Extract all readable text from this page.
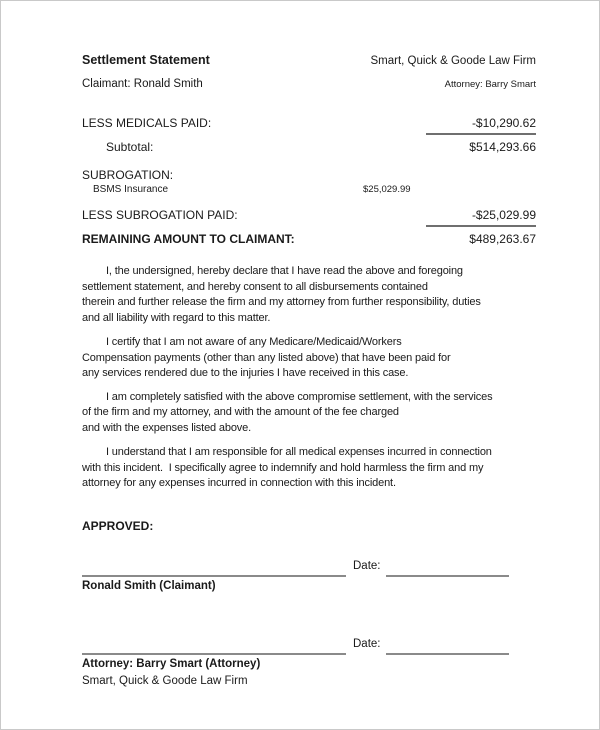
Settlement Statement	Smart, Quick & Goode Law Firm
Claimant: Ronald Smith	Attorney: Barry Smart
LESS MEDICALS PAID:	-$10,290.62
Subtotal:	$514,293.66
SUBROGATION:
BSMS Insurance	$25,029.99
LESS SUBROGATION PAID:	-$25,029.99
REMAINING AMOUNT TO CLAIMANT:	$489,263.67
I, the undersigned, hereby declare that I have read the above and foregoing
settlement statement, and hereby consent to all disbursements contained
therein and further release the firm and my attorney from further responsibility, duties
and all liability with regard to this matter.
I certify that I am not aware of any Medicare/Medicaid/Workers
Compensation payments (other than any listed above) that have been paid for
any services rendered due to the injuries I have received in this case.
I am completely satisfied with the above compromise settlement, with the services
of the firm and my attorney, and with the amount of the fee charged
and with the expenses listed above.
I understand that I am responsible for all medical expenses incurred in connection
with this incident.  I specifically agree to indemnify and hold harmless the firm and my
attorney for any expenses incurred in connection with this incident.
APPROVED:
Date:
Ronald Smith (Claimant)
Date:
Attorney: Barry Smart (Attorney)
Smart, Quick & Goode Law Firm
